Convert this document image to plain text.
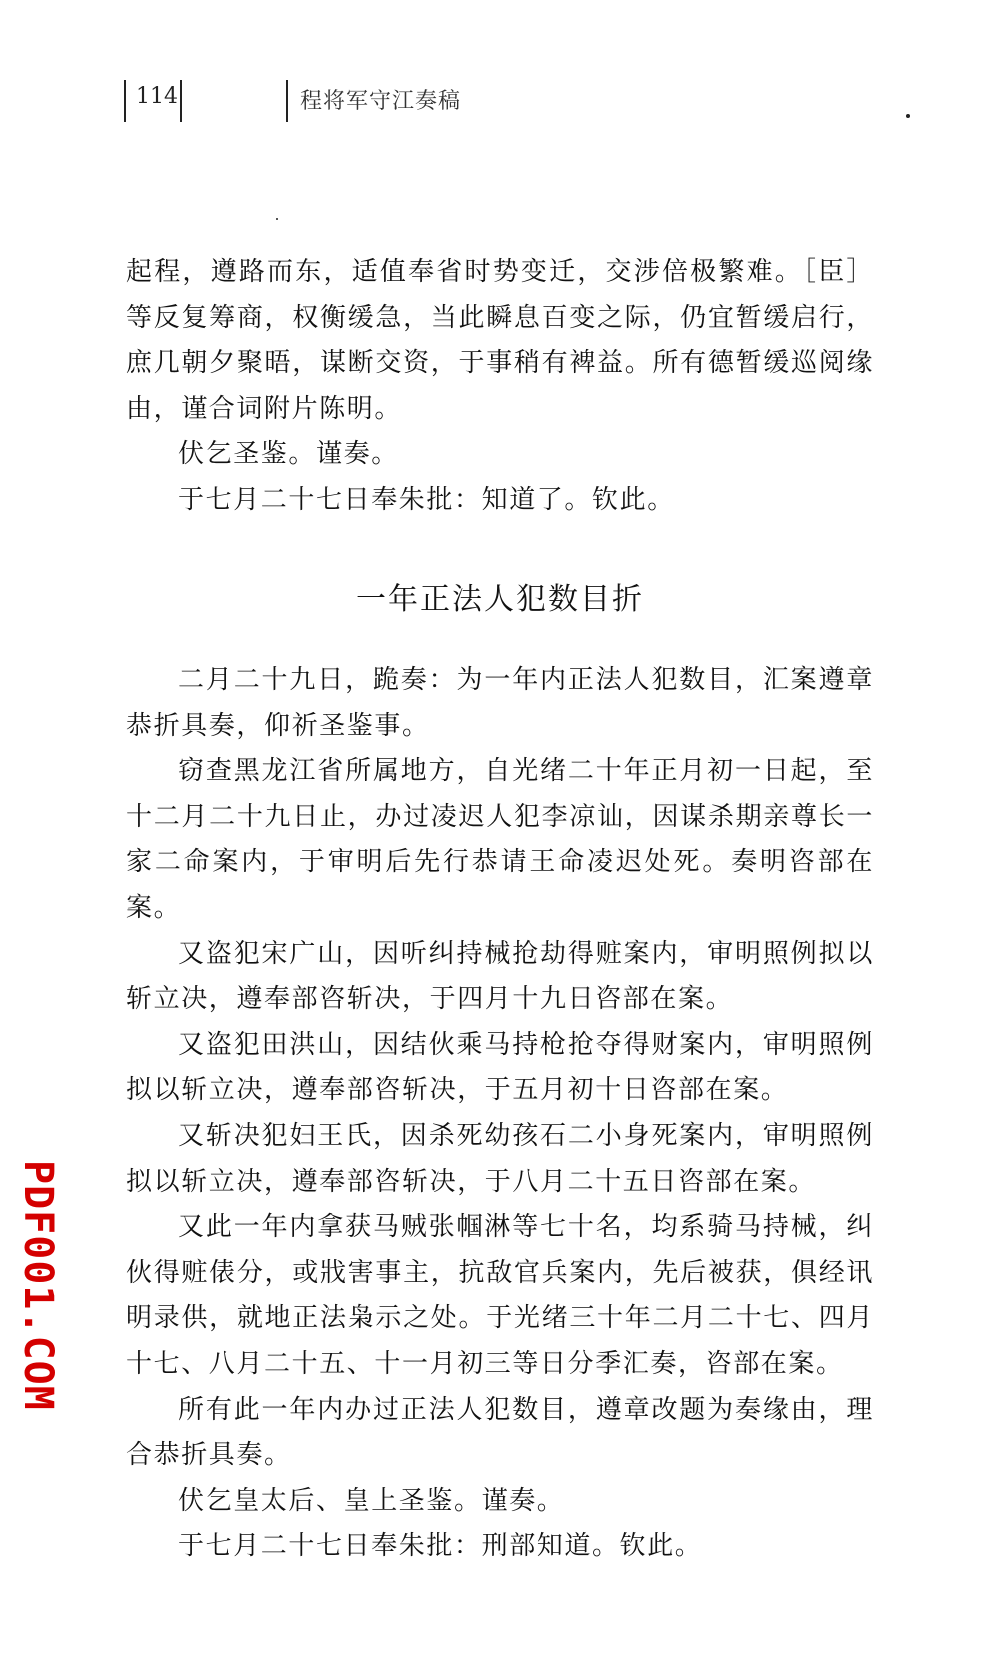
114	程将军守江奏稿

起程，遵路而东，适值奉省时势变迁，交涉倍极繁难。［臣］等反复筹商，权衡缓急，当此瞬息百变之际，仍宜暂缓启行，庶几朝夕聚晤，谋断交资，于事稍有裨益。所有德暂缓巡阅缘由，谨合词附片陈明。

伏乞圣鉴。谨奏。

于七月二十七日奉朱批：知道了。钦此。

一年正法人犯数目折

二月二十九日，跪奏：为一年内正法人犯数目，汇案遵章恭折具奏，仰祈圣鉴事。

窃查黑龙江省所属地方，自光绪二十年正月初一日起，至十二月二十九日止，办过凌迟人犯李凉讪，因谋杀期亲尊长一家二命案内，于审明后先行恭请王命凌迟处死。奏明咨部在案。

又盗犯宋广山，因听纠持械抢劫得赃案内，审明照例拟以斩立决，遵奉部咨斩决，于四月十九日咨部在案。

又盗犯田洪山，因结伙乘马持枪抢夺得财案内，审明照例拟以斩立决，遵奉部咨斩决，于五月初十日咨部在案。

又斩决犯妇王氏，因杀死幼孩石二小身死案内，审明照例拟以斩立决，遵奉部咨斩决，于八月二十五日咨部在案。

又此一年内拿获马贼张帼淋等七十名，均系骑马持械，纠伙得赃俵分，或戕害事主，抗敌官兵案内，先后被获，俱经讯明录供，就地正法枭示之处。于光绪三十年二月二十七、四月十七、八月二十五、十一月初三等日分季汇奏，咨部在案。

所有此一年内办过正法人犯数目，遵章改题为奏缘由，理合恭折具奏。

伏乞皇太后、皇上圣鉴。谨奏。

于七月二十七日奉朱批：刑部知道。钦此。

PDF001.COM
